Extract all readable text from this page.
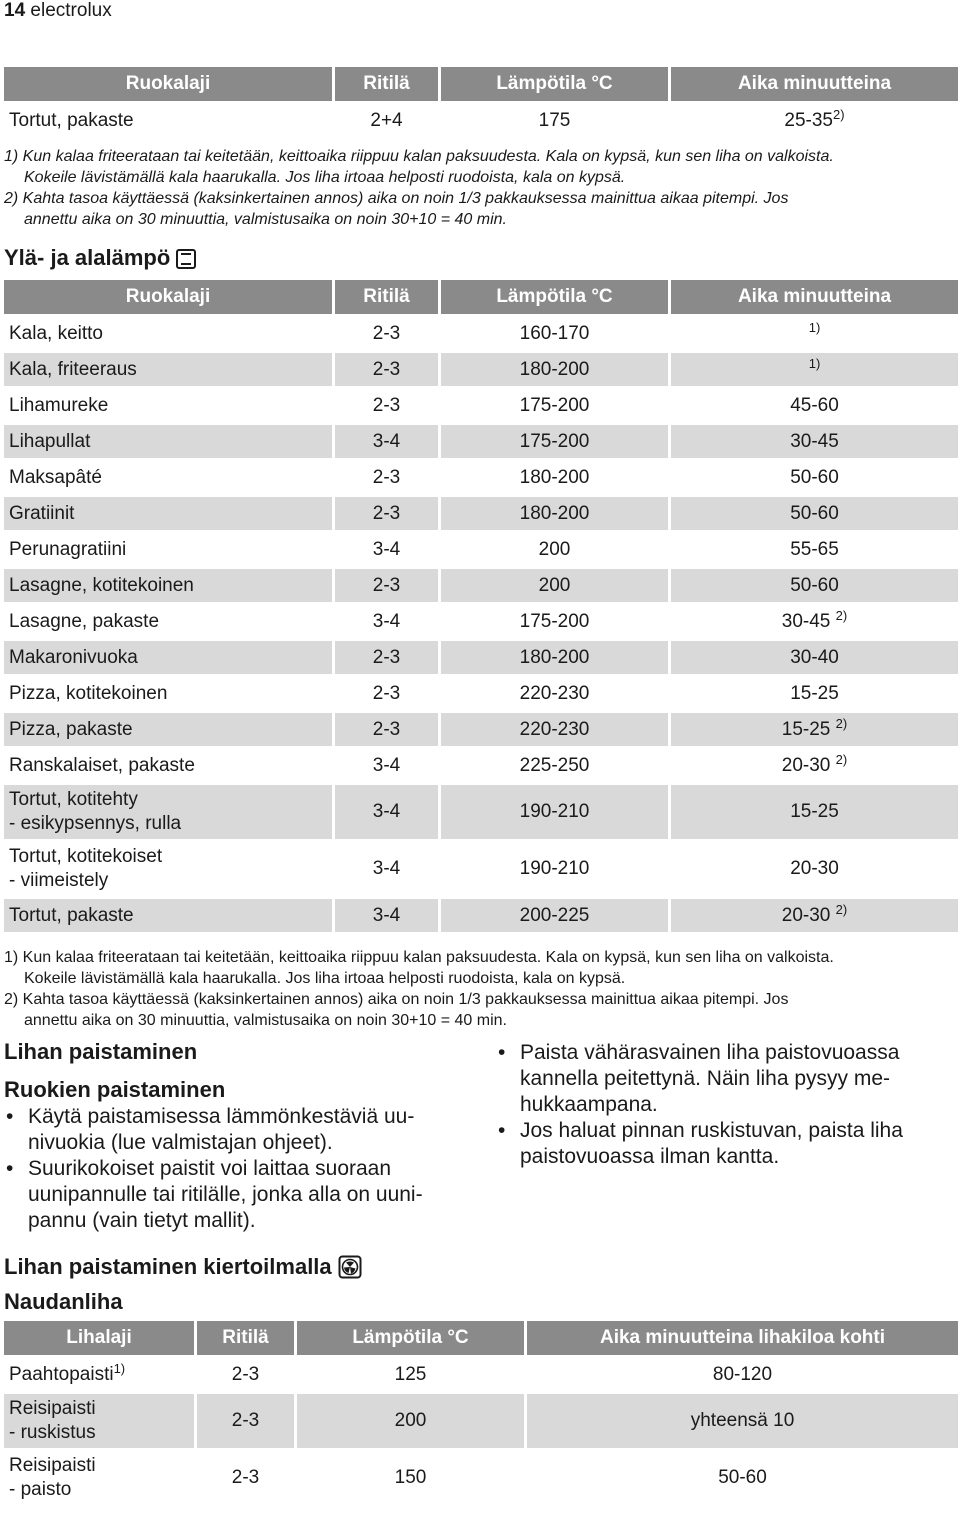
14 electrolux
Ruokalaji	Ritilä	Lämpötila °C	Aika minuutteina
Tortut, pakaste	2+4	175	25-35$^{2)}$
1) Kun kalaa friteerataan tai keitetään, keittoaika riippuu kalan paksuudesta. Kala on kypsä, kun sen liha on valkoista.
Kokeile lävistämällä kala haarukalla. Jos liha irtoaa helposti ruodoista, kala on kypsä.
2) Kahta tasoa käyttäessä (kaksinkertainen annos) aika on noin 1/3 pakkauksessa mainittua aikaa pitempi. Jos
annettu aika on 30 minuuttia, valmistusaika on noin 30+10 = 40 min.
Ylä- ja alalämpö
Ruokalaji	Ritilä	Lämpötila °C	Aika minuutteina
Kala, keitto	2-3	160-170	$^{1)}$
Kala, friteeraus	2-3	180-200	$^{1)}$
Lihamureke	2-3	175-200	45-60
Lihapullat	3-4	175-200	30-45
Maksapâté	2-3	180-200	50-60
Gratiinit	2-3	180-200	50-60
Perunagratiini	3-4	200	55-65
Lasagne, kotitekoinen	2-3	200	50-60
Lasagne, pakaste	3-4	175-200	30-45 $^{2)}$
Makaronivuoka	2-3	180-200	30-40
Pizza, kotitekoinen	2-3	220-230	15-25
Pizza, pakaste	2-3	220-230	15-25 $^{2)}$
Ranskalaiset, pakaste	3-4	225-250	20-30 $^{2)}$

Tortut, kotitehty
- esikypsennys, rulla	3-4	190-210	15-25

Tortut, kotitekoiset
- viimeistely	3-4	190-210	20-30
Tortut, pakaste	3-4	200-225	20-30 $^{2)}$
1) Kun kalaa friteerataan tai keitetään, keittoaika riippuu kalan paksuudesta. Kala on kypsä, kun sen liha on valkoista.
Kokeile lävistämällä kala haarukalla. Jos liha irtoaa helposti ruodoista, kala on kypsä.
2) Kahta tasoa käyttäessä (kaksinkertainen annos) aika on noin 1/3 pakkauksessa mainittua aikaa pitempi. Jos
annettu aika on 30 minuuttia, valmistusaika on noin 30+10 = 40 min.
Lihan paistaminen
Ruokien paistaminen
• Käytä paistamisessa lämmönkestäviä uu-
nivuokia (lue valmistajan ohjeet).
• Suurikokoiset paistit voi laittaa suoraan
uunipannulle tai ritilälle, jonka alla on uuni-
pannu (vain tietyt mallit).
• Paista vähärasvainen liha paistovuoassa
kannella peitettynä. Näin liha pysyy me-
hukkaampana.
• Jos haluat pinnan ruskistuvan, paista liha
paistovuoassa ilman kantta.
Lihan paistaminen kiertoilmalla
Naudanliha
Lihalaji	Ritilä	Lämpötila °C	Aika minuutteina lihakiloa kohti
Paahtopaisti$^{1)}$	2-3	125	80-120

Reisipaisti
- ruskistus	2-3	200	yhteensä 10

Reisipaisti
- paisto	2-3	150	50-60
